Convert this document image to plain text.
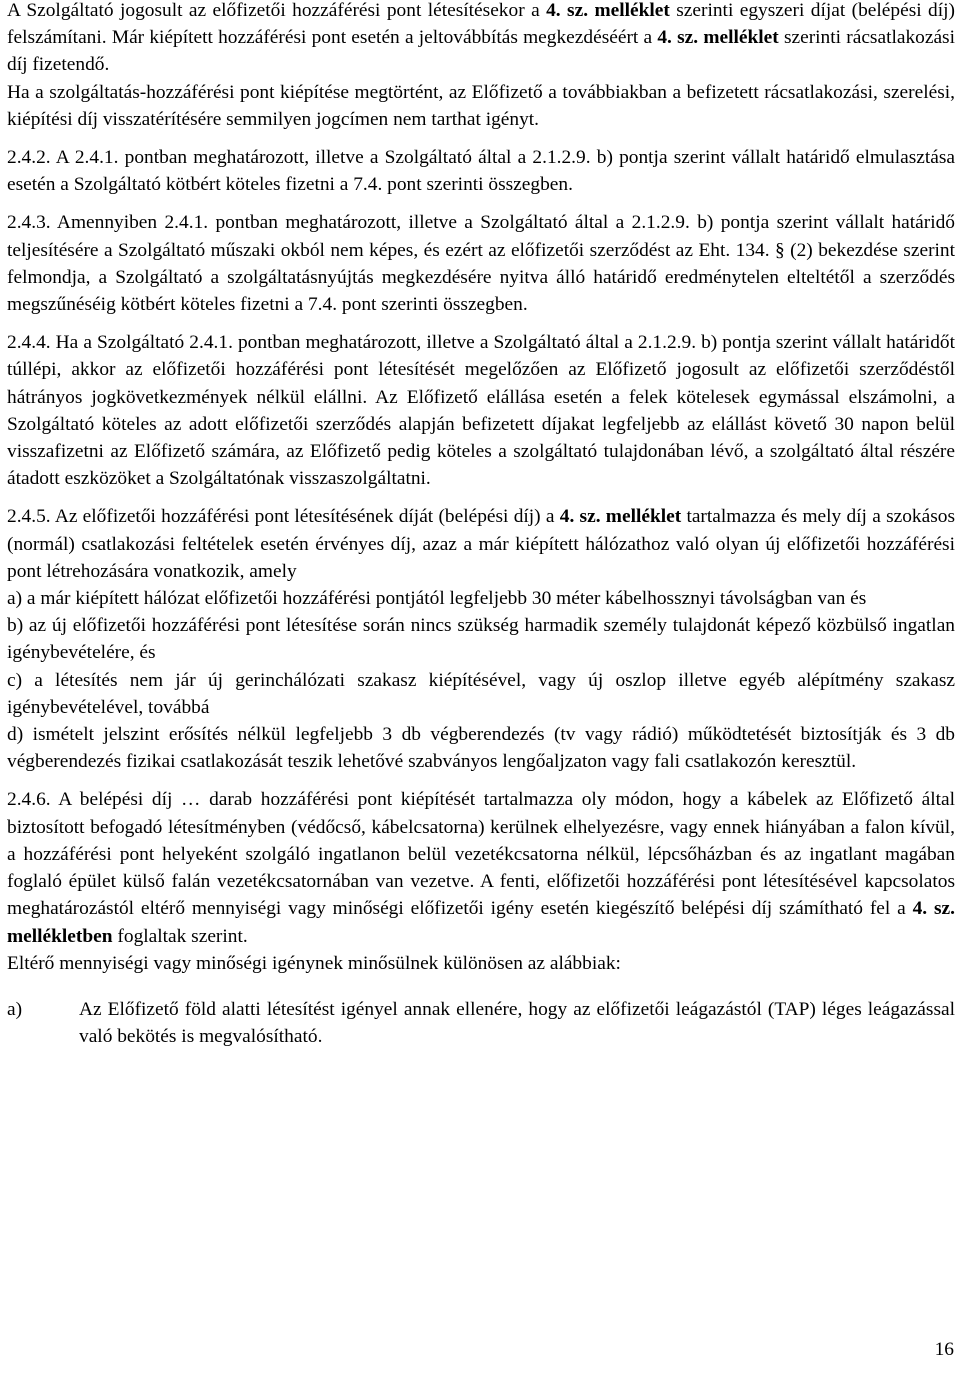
A Szolgáltató jogosult az előfizetői hozzáférési pont létesítésekor a 4. sz. melléklet szerinti egyszeri díjat (belépési díj) felszámítani. Már kiépített hozzáférési pont esetén a jeltovábbítás megkezdéséért a 4. sz. melléklet szerinti rácsatlakozási díj fizetendő.

Ha a szolgáltatás-hozzáférési pont kiépítése megtörtént, az Előfizető a továbbiakban a befizetett rácsatlakozási, szerelési, kiépítési díj visszatérítésére semmilyen jogcímen nem tarthat igényt.

2.4.2. A 2.4.1. pontban meghatározott, illetve a Szolgáltató által a 2.1.2.9. b) pontja szerint vállalt határidő elmulasztása esetén a Szolgáltató kötbért köteles fizetni a 7.4. pont szerinti összegben.

2.4.3. Amennyiben 2.4.1. pontban meghatározott, illetve a Szolgáltató által a 2.1.2.9. b) pontja szerint vállalt határidő teljesítésére a Szolgáltató műszaki okból nem képes, és ezért az előfizetői szerződést az Eht. 134. § (2) bekezdése szerint felmondja, a Szolgáltató a szolgáltatásnyújtás megkezdésére nyitva álló határidő eredménytelen elteltétől a szerződés megszűnéséig kötbért köteles fizetni a 7.4. pont szerinti összegben.

2.4.4. Ha a Szolgáltató 2.4.1. pontban meghatározott, illetve a Szolgáltató által a 2.1.2.9. b) pontja szerint vállalt határidőt túllépi, akkor az előfizetői hozzáférési pont létesítését megelőzően az Előfizető jogosult az előfizetői szerződéstől hátrányos jogkövetkezmények nélkül elállni. Az Előfizető elállása esetén a felek kötelesek egymással elszámolni, a Szolgáltató köteles az adott előfizetői szerződés alapján befizetett díjakat legfeljebb az elállást követő 30 napon belül visszafizetni az Előfizető számára, az Előfizető pedig köteles a szolgáltató tulajdonában lévő, a szolgáltató által részére átadott eszközöket a Szolgáltatónak visszaszolgáltatni.

2.4.5. Az előfizetői hozzáférési pont létesítésének díját (belépési díj) a 4. sz. melléklet tartalmazza és mely díj a szokásos (normál) csatlakozási feltételek esetén érvényes díj, azaz a már kiépített hálózathoz való olyan új előfizetői hozzáférési pont létrehozására vonatkozik, amely

a) a már kiépített hálózat előfizetői hozzáférési pontjától legfeljebb 30 méter kábelhossznyi távolságban van és

b) az új előfizetői hozzáférési pont létesítése során nincs szükség harmadik személy tulajdonát képező közbülső ingatlan igénybevételére, és

c) a létesítés nem jár új gerinchálózati szakasz kiépítésével, vagy új oszlop illetve egyéb alépítmény szakasz igénybevételével, továbbá

d) ismételt jelszint erősítés nélkül legfeljebb 3 db végberendezés (tv vagy rádió) működtetését biztosítják és 3 db végberendezés fizikai csatlakozását teszik lehetővé szabványos lengőaljzaton vagy fali csatlakozón keresztül.

2.4.6. A belépési díj … darab hozzáférési pont kiépítését tartalmazza oly módon, hogy a kábelek az Előfizető által biztosított befogadó létesítményben (védőcső, kábelcsatorna) kerülnek elhelyezésre, vagy ennek hiányában a falon kívül, a hozzáférési pont helyeként szolgáló ingatlanon belül vezetékcsatorna nélkül, lépcsőházban és az ingatlant magában foglaló épület külső falán vezetékcsatornában van vezetve. A fenti, előfizetői hozzáférési pont létesítésével kapcsolatos meghatározástól eltérő mennyiségi vagy minőségi előfizetői igény esetén kiegészítő belépési díj számítható fel a 4. sz. mellékletben foglaltak szerint.

Eltérő mennyiségi vagy minőségi igénynek minősülnek különösen az alábbiak:

a)	Az Előfizető föld alatti létesítést igényel annak ellenére, hogy az előfizetői leágazástól (TAP) léges leágazással való bekötés is megvalósítható.
16
